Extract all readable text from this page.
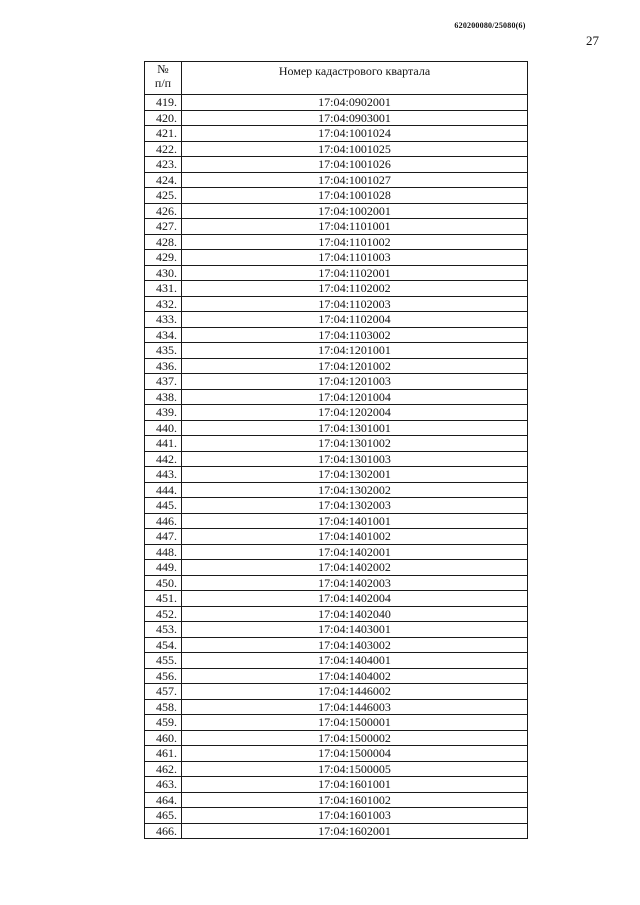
620200080/25080(6)
27
№
п/п	Номер кадастрового квартала
419.	17:04:0902001
420.	17:04:0903001
421.	17:04:1001024
422.	17:04:1001025
423.	17:04:1001026
424.	17:04:1001027
425.	17:04:1001028
426.	17:04:1002001
427.	17:04:1101001
428.	17:04:1101002
429.	17:04:1101003
430.	17:04:1102001
431.	17:04:1102002
432.	17:04:1102003
433.	17:04:1102004
434.	17:04:1103002
435.	17:04:1201001
436.	17:04:1201002
437.	17:04:1201003
438.	17:04:1201004
439.	17:04:1202004
440.	17:04:1301001
441.	17:04:1301002
442.	17:04:1301003
443.	17:04:1302001
444.	17:04:1302002
445.	17:04:1302003
446.	17:04:1401001
447.	17:04:1401002
448.	17:04:1402001
449.	17:04:1402002
450.	17:04:1402003
451.	17:04:1402004
452.	17:04:1402040
453.	17:04:1403001
454.	17:04:1403002
455.	17:04:1404001
456.	17:04:1404002
457.	17:04:1446002
458.	17:04:1446003
459.	17:04:1500001
460.	17:04:1500002
461.	17:04:1500004
462.	17:04:1500005
463.	17:04:1601001
464.	17:04:1601002
465.	17:04:1601003
466.	17:04:1602001
